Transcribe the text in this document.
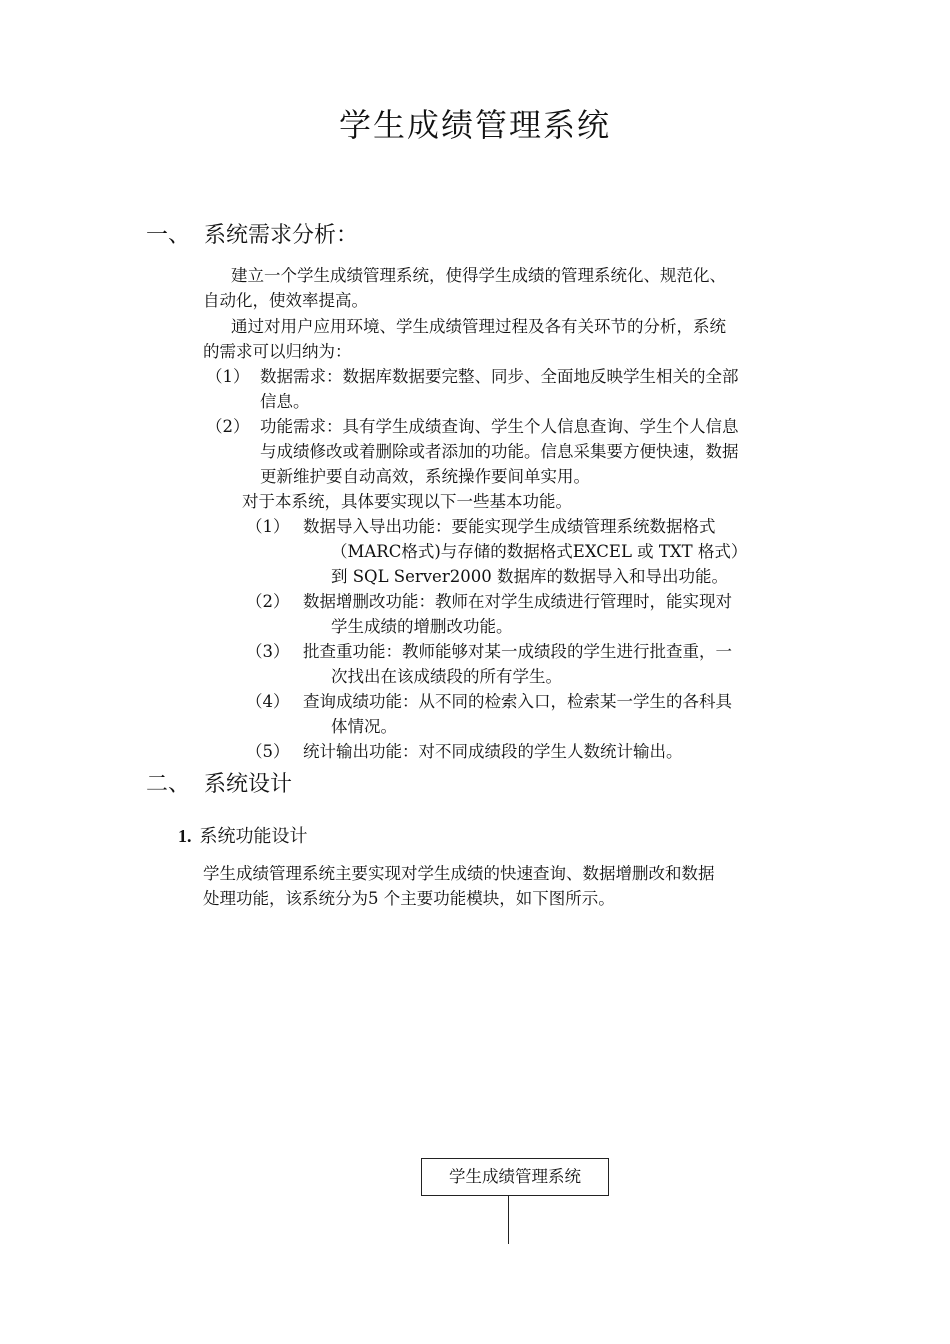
学生成绩管理系统
一、 系统需求分析：
建立一个学生成绩管理系统，使得学生成绩的管理系统化、规范化、
自动化，使效率提高。
通过对用户应用环境、学生成绩管理过程及各有关环节的分析，系统
的需求可以归纳为：
（1） 数据需求：数据库数据要完整、同步、全面地反映学生相关的全部
信息。
（2） 功能需求：具有学生成绩查询、学生个人信息查询、学生个人信息
与成绩修改或着删除或者添加的功能。信息采集要方便快速，数据
更新维护要自动高效，系统操作要间单实用。
对于本系统，具体要实现以下一些基本功能。
（1） 数据导入导出功能：要能实现学生成绩管理系统数据格式
（MARC格式)与存储的数据格式EXCEL 或 TXT 格式）
到 SQL Server2000 数据库的数据导入和导出功能。
（2） 数据增删改功能：教师在对学生成绩进行管理时，能实现对
学生成绩的增删改功能。
（3） 批查重功能：教师能够对某一成绩段的学生进行批查重，一
次找出在该成绩段的所有学生。
（4） 查询成绩功能：从不同的检索入口，检索某一学生的各科具
体情况。
（5） 统计输出功能：对不同成绩段的学生人数统计输出。
二、 系统设计
1. 系统功能设计
学生成绩管理系统主要实现对学生成绩的快速查询、数据增删改和数据
处理功能，该系统分为5 个主要功能模块，如下图所示。
学生成绩管理系统
